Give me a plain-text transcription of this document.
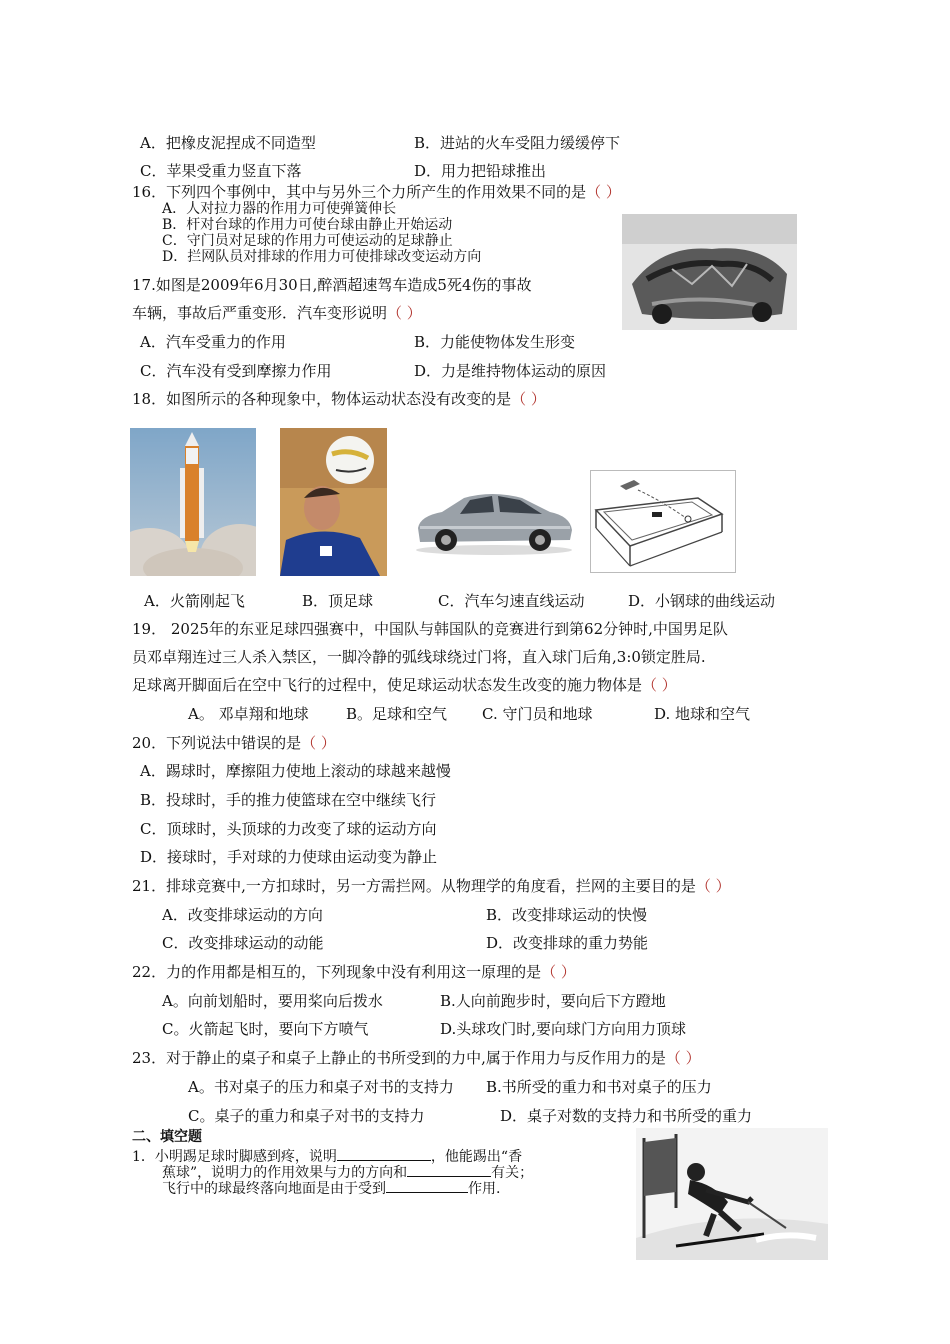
A．把橡皮泥捏成不同造型	B．进站的火车受阻力缓缓停下
C．苹果受重力竖直下落	D．用力把铅球推出
16．下列四个事例中，其中与另外三个力所产生的作用效果不同的是（ ）
A．人对拉力器的作用力可使弹簧伸长
B．杆对台球的作用力可使台球由静止开始运动
C．守门员对足球的作用力可使运动的足球静止
D．拦网队员对排球的作用力可使排球改变运动方向
17.如图是2009年6月30日,醉酒超速驾车造成5死4伤的事故
车辆，事故后严重变形．汽车变形说明（ ）
A．汽车受重力的作用	B．力能使物体发生形变
C．汽车没有受到摩擦力作用	D．力是维持物体运动的原因
18．如图所示的各种现象中，物体运动状态没有改变的是（ ）
A．火箭刚起飞	B．顶足球	C．汽车匀速直线运动	D．小钢球的曲线运动
19． 2025年的东亚足球四强赛中，中国队与韩国队的竞赛进行到第62分钟时,中国男足队
员邓卓翔连过三人杀入禁区，一脚冷静的弧线球绕过门将，直入球门后角,3:0锁定胜局.
足球离开脚面后在空中飞行的过程中，使足球运动状态发生改变的施力物体是（ ）
A。 邓卓翔和地球 B。足球和空气 C. 守门员和地球	D. 地球和空气
20．下列说法中错误的是（ ）
A．踢球时，摩擦阻力使地上滚动的球越来越慢
B．投球时，手的推力使篮球在空中继续飞行
C．顶球时，头顶球的力改变了球的运动方向
D．接球时，手对球的力使球由运动变为静止
21．排球竞赛中,一方扣球时，另一方需拦网。从物理学的角度看，拦网的主要目的是（ ）
A．改变排球运动的方向	B．改变排球运动的快慢
C．改变排球运动的动能	D．改变排球的重力势能
22．力的作用都是相互的，下列现象中没有利用这一原理的是（ ）
A。向前划船时，要用桨向后拨水	B.人向前跑步时，要向后下方蹬地
C。火箭起飞时，要向下方喷气	D.头球攻门时,要向球门方向用力顶球
23．对于静止的桌子和桌子上静止的书所受到的力中,属于作用力与反作用力的是（ ）
A。书对桌子的压力和桌子对书的支持力 B.书所受的重力和书对桌子的压力
C。桌子的重力和桌子对书的支持力	D．桌子对数的支持力和书所受的重力
二、填空题
1．小明踢足球时脚感到疼，说明	，他能踢出“香
蕉球”，说明力的作用效果与力的方向和	有关；
飞行中的球最终落向地面是由于受到	作用.
